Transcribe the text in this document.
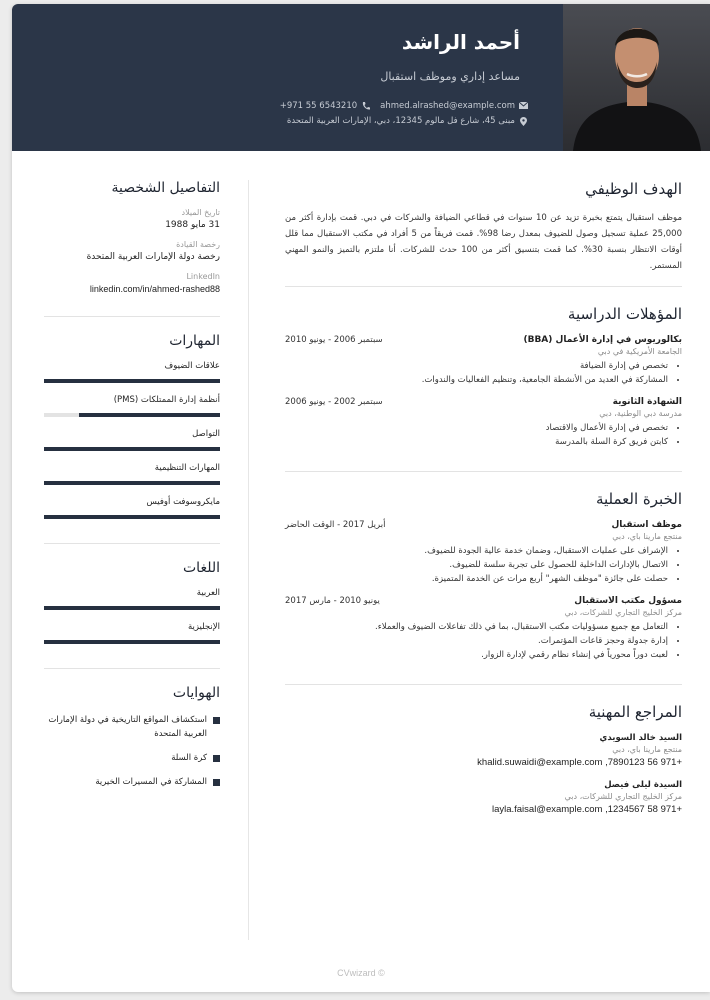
أحمد الراشد
مساعد إداري وموظف استقبال
ahmed.alrashed@example.com
+971 55 6543210
مبنى 45، شارع فل مالوم 12345، دبي، الإمارات العربية المتحدة
الهدف الوظيفي
موظف استقبال يتمتع بخبرة تزيد عن 10 سنوات في قطاعي الضيافة والشركات في دبي. قمت بإدارة أكثر من 25,000 عملية تسجيل وصول للضيوف بمعدل رضا 98%. قمت فريقاً من 5 أفراد في مكتب الاستقبال مما قلل أوقات الانتظار بنسبة 30%. كما قمت بتنسيق أكثر من 100 حدث للشركات. أنا ملتزم بالتميز والنمو المهني المستمر.
المؤهلات الدراسية
بكالوريوس في إدارة الأعمال (BBA)
سبتمبر 2006 - يونيو 2010
الجامعة الأمريكية في دبي
• تخصص في إدارة الضيافة
• المشاركة في العديد من الأنشطة الجامعية، وتنظيم الفعاليات والندوات.
الشهادة الثانوية
سبتمبر 2002 - يونيو 2006
مدرسة دبي الوطنية، دبي
• تخصص في إدارة الأعمال والاقتصاد
• كابتن فريق كرة السلة بالمدرسة
الخبرة العملية
موظف استقبال
أبريل 2017 - الوقت الحاضر
منتجع مارينا باي، دبي
• الإشراف على عمليات الاستقبال، وضمان خدمة عالية الجودة للضيوف.
• الاتصال بالإدارات الداخلية للحصول على تجربة سلسة للضيوف.
• حصلت على جائزة "موظف الشهر" أربع مرات عن الخدمة المتميزة.
مسؤول مكتب الاستقبال
يونيو 2010 - مارس 2017
مركز الخليج التجاري للشركات، دبي
• التعامل مع جميع مسؤوليات مكتب الاستقبال، بما في ذلك تفاعلات الضيوف والعملاء.
• إدارة جدولة وحجز قاعات المؤتمرات.
• لعبت دوراً محورياً في إنشاء نظام رقمي لإدارة الزوار.
المراجع المهنية
السيد خالد السويدي
منتجع مارينا باي، دبي
+971 56 7890123, khalid.suwaidi@example.com
السيدة ليلى فيصل
مركز الخليج التجاري للشركات، دبي
+971 58 1234567, layla.faisal@example.com
التفاصيل الشخصية
تاريخ الميلاد
31 مايو 1988
رخصة القيادة
رخصة دولة الإمارات العربية المتحدة
LinkedIn
linkedin.com/in/ahmed-rashed88
المهارات
علاقات الضيوف
أنظمة إدارة الممتلكات (PMS)
التواصل
المهارات التنظيمية
مايكروسوفت أوفيس
اللغات
العربية
الإنجليزية
الهوايات
استكشاف المواقع التاريخية في دولة الإمارات العربية المتحدة
كرة السلة
المشاركة في المسيرات الخيرية
CVwizard ©
